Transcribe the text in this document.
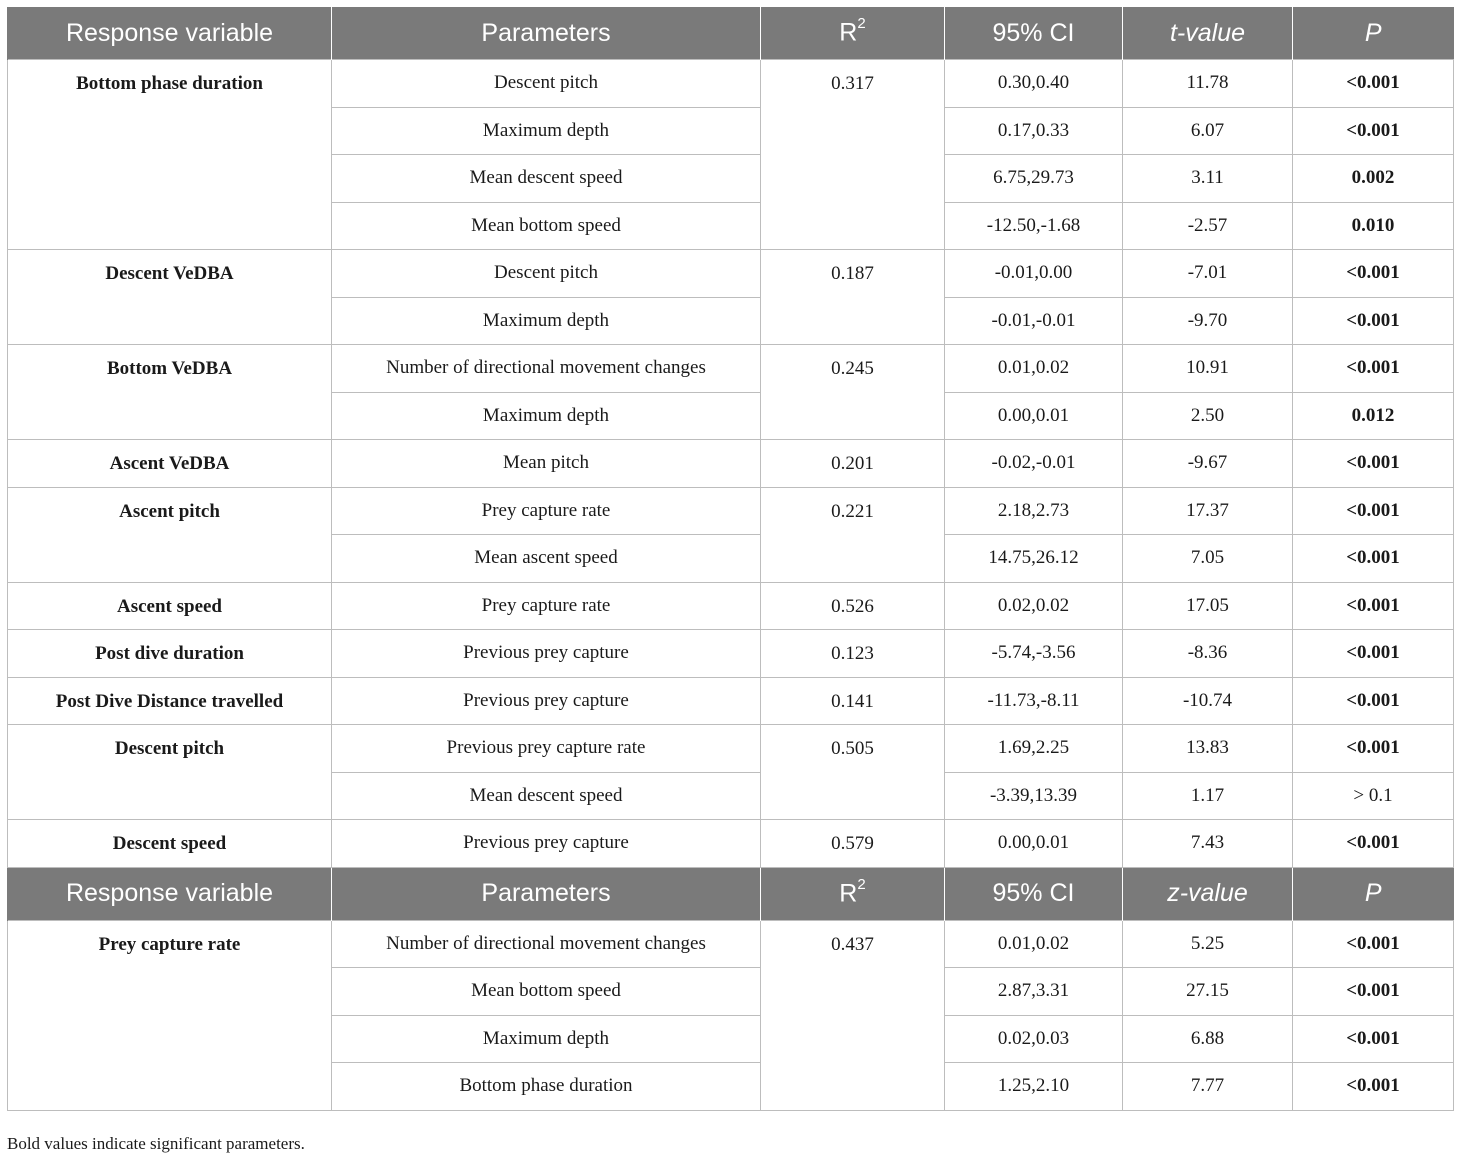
Response variable	Parameters	$R^2$	95% CI	t-value	P
Bottom phase duration	Descent pitch	0.317	0.30,0.40	11.78	<0.001
	Maximum depth		0.17,0.33	6.07	<0.001
	Mean descent speed		6.75,29.73	3.11	0.002
	Mean bottom speed		-12.50,-1.68	-2.57	0.010
Descent VeDBA	Descent pitch	0.187	-0.01,0.00	-7.01	<0.001
	Maximum depth		-0.01,-0.01	-9.70	<0.001
Bottom VeDBA	Number of directional movement changes	0.245	0.01,0.02	10.91	<0.001
	Maximum depth		0.00,0.01	2.50	0.012
Ascent VeDBA	Mean pitch	0.201	-0.02,-0.01	-9.67	<0.001
Ascent pitch	Prey capture rate	0.221	2.18,2.73	17.37	<0.001
	Mean ascent speed		14.75,26.12	7.05	<0.001
Ascent speed	Prey capture rate	0.526	0.02,0.02	17.05	<0.001
Post dive duration	Previous prey capture	0.123	-5.74,-3.56	-8.36	<0.001
Post Dive Distance travelled	Previous prey capture	0.141	-11.73,-8.11	-10.74	<0.001
Descent pitch	Previous prey capture rate	0.505	1.69,2.25	13.83	<0.001
	Mean descent speed		-3.39,13.39	1.17	> 0.1
Descent speed	Previous prey capture	0.579	0.00,0.01	7.43	<0.001
Response variable	Parameters	$R^2$	95% CI	z-value	P
Prey capture rate	Number of directional movement changes	0.437	0.01,0.02	5.25	<0.001
	Mean bottom speed		2.87,3.31	27.15	<0.001
	Maximum depth		0.02,0.03	6.88	<0.001
	Bottom phase duration		1.25,2.10	7.77	<0.001
Bold values indicate significant parameters.
